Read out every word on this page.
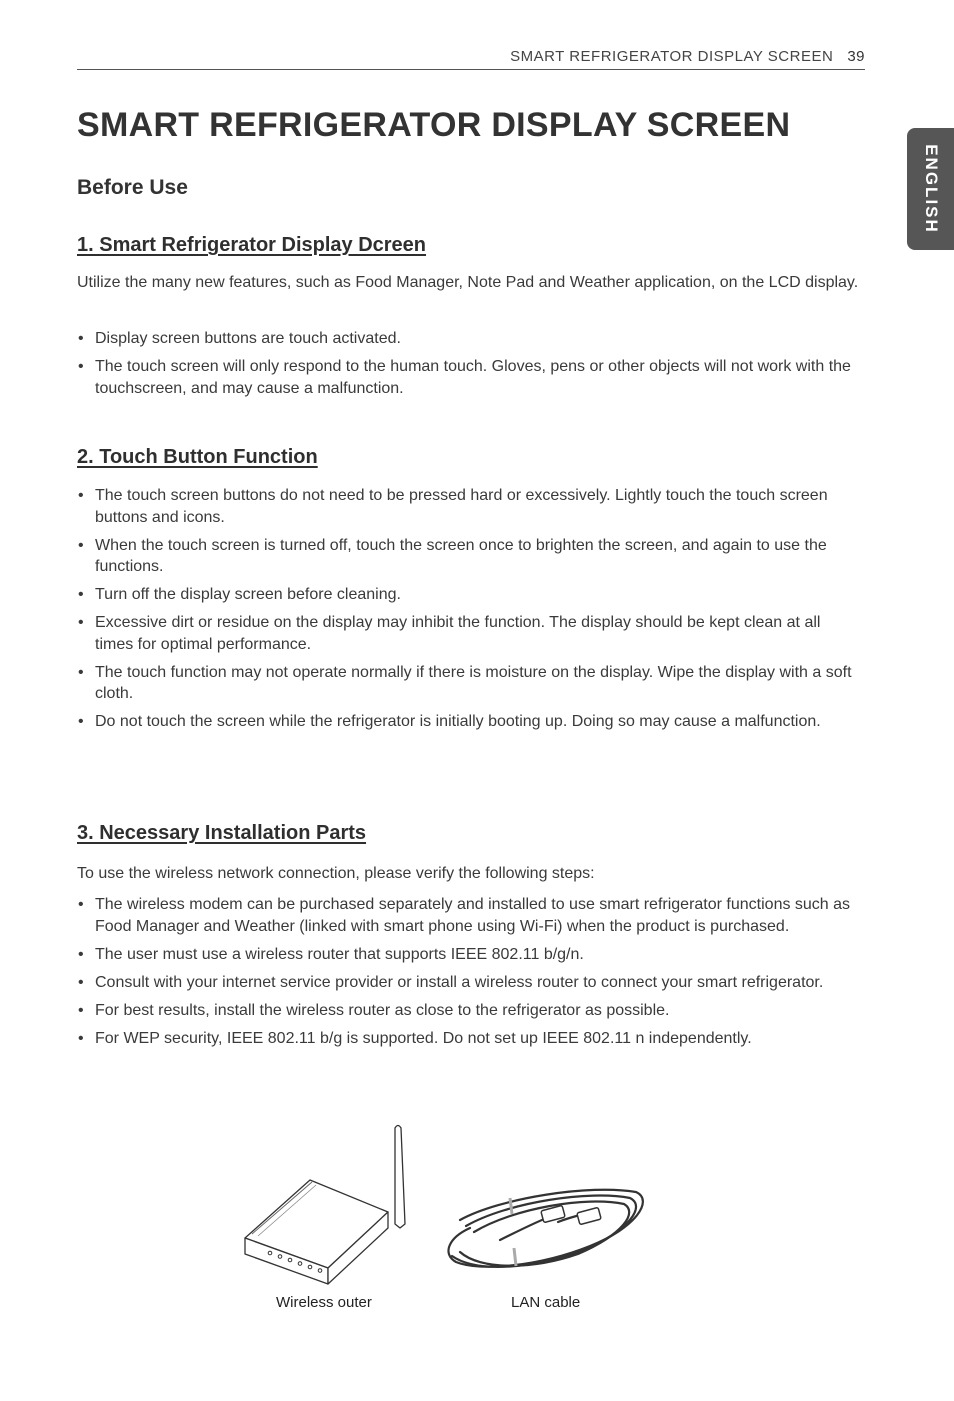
SMART REFRIGERATOR DISPLAY SCREEN 39
ENGLISH
SMART REFRIGERATOR DISPLAY SCREEN
Before Use
1. Smart Refrigerator Display Dcreen

Utilize the many new features, such as Food Manager, Note Pad and Weather application, on the LCD display.

• Display screen buttons are touch activated.
• The touch screen will only respond to the human touch. Gloves, pens or other objects will not work with the touchscreen, and may cause a malfunction.
2. Touch Button Function
• The touch screen buttons do not need to be pressed hard or excessively. Lightly touch the touch screen buttons and icons.
• When the touch screen is turned off, touch the screen once to brighten the screen, and again to use the functions.
• Turn off the display screen before cleaning.
• Excessive dirt or residue on the display may inhibit the function. The display should be kept clean at all times for optimal performance.
• The touch function may not operate normally if there is moisture on the display. Wipe the display with a soft cloth.
• Do not touch the screen while the refrigerator is initially booting up. Doing so may cause a malfunction.
3. Necessary Installation Parts

To use the wireless network connection, please verify the following steps:

• The wireless modem can be purchased separately and installed to use smart refrigerator functions such as Food Manager and Weather (linked with smart phone using Wi-Fi) when the product is purchased.
• The user must use a wireless router that supports IEEE 802.11 b/g/n.
• Consult with your internet service provider or install a wireless router to connect your smart refrigerator.
• For best results, install the wireless router as close to the refrigerator as possible.
• For WEP security, IEEE 802.11 b/g is supported. Do not set up IEEE 802.11 n independently.
Wireless outer	LAN cable
